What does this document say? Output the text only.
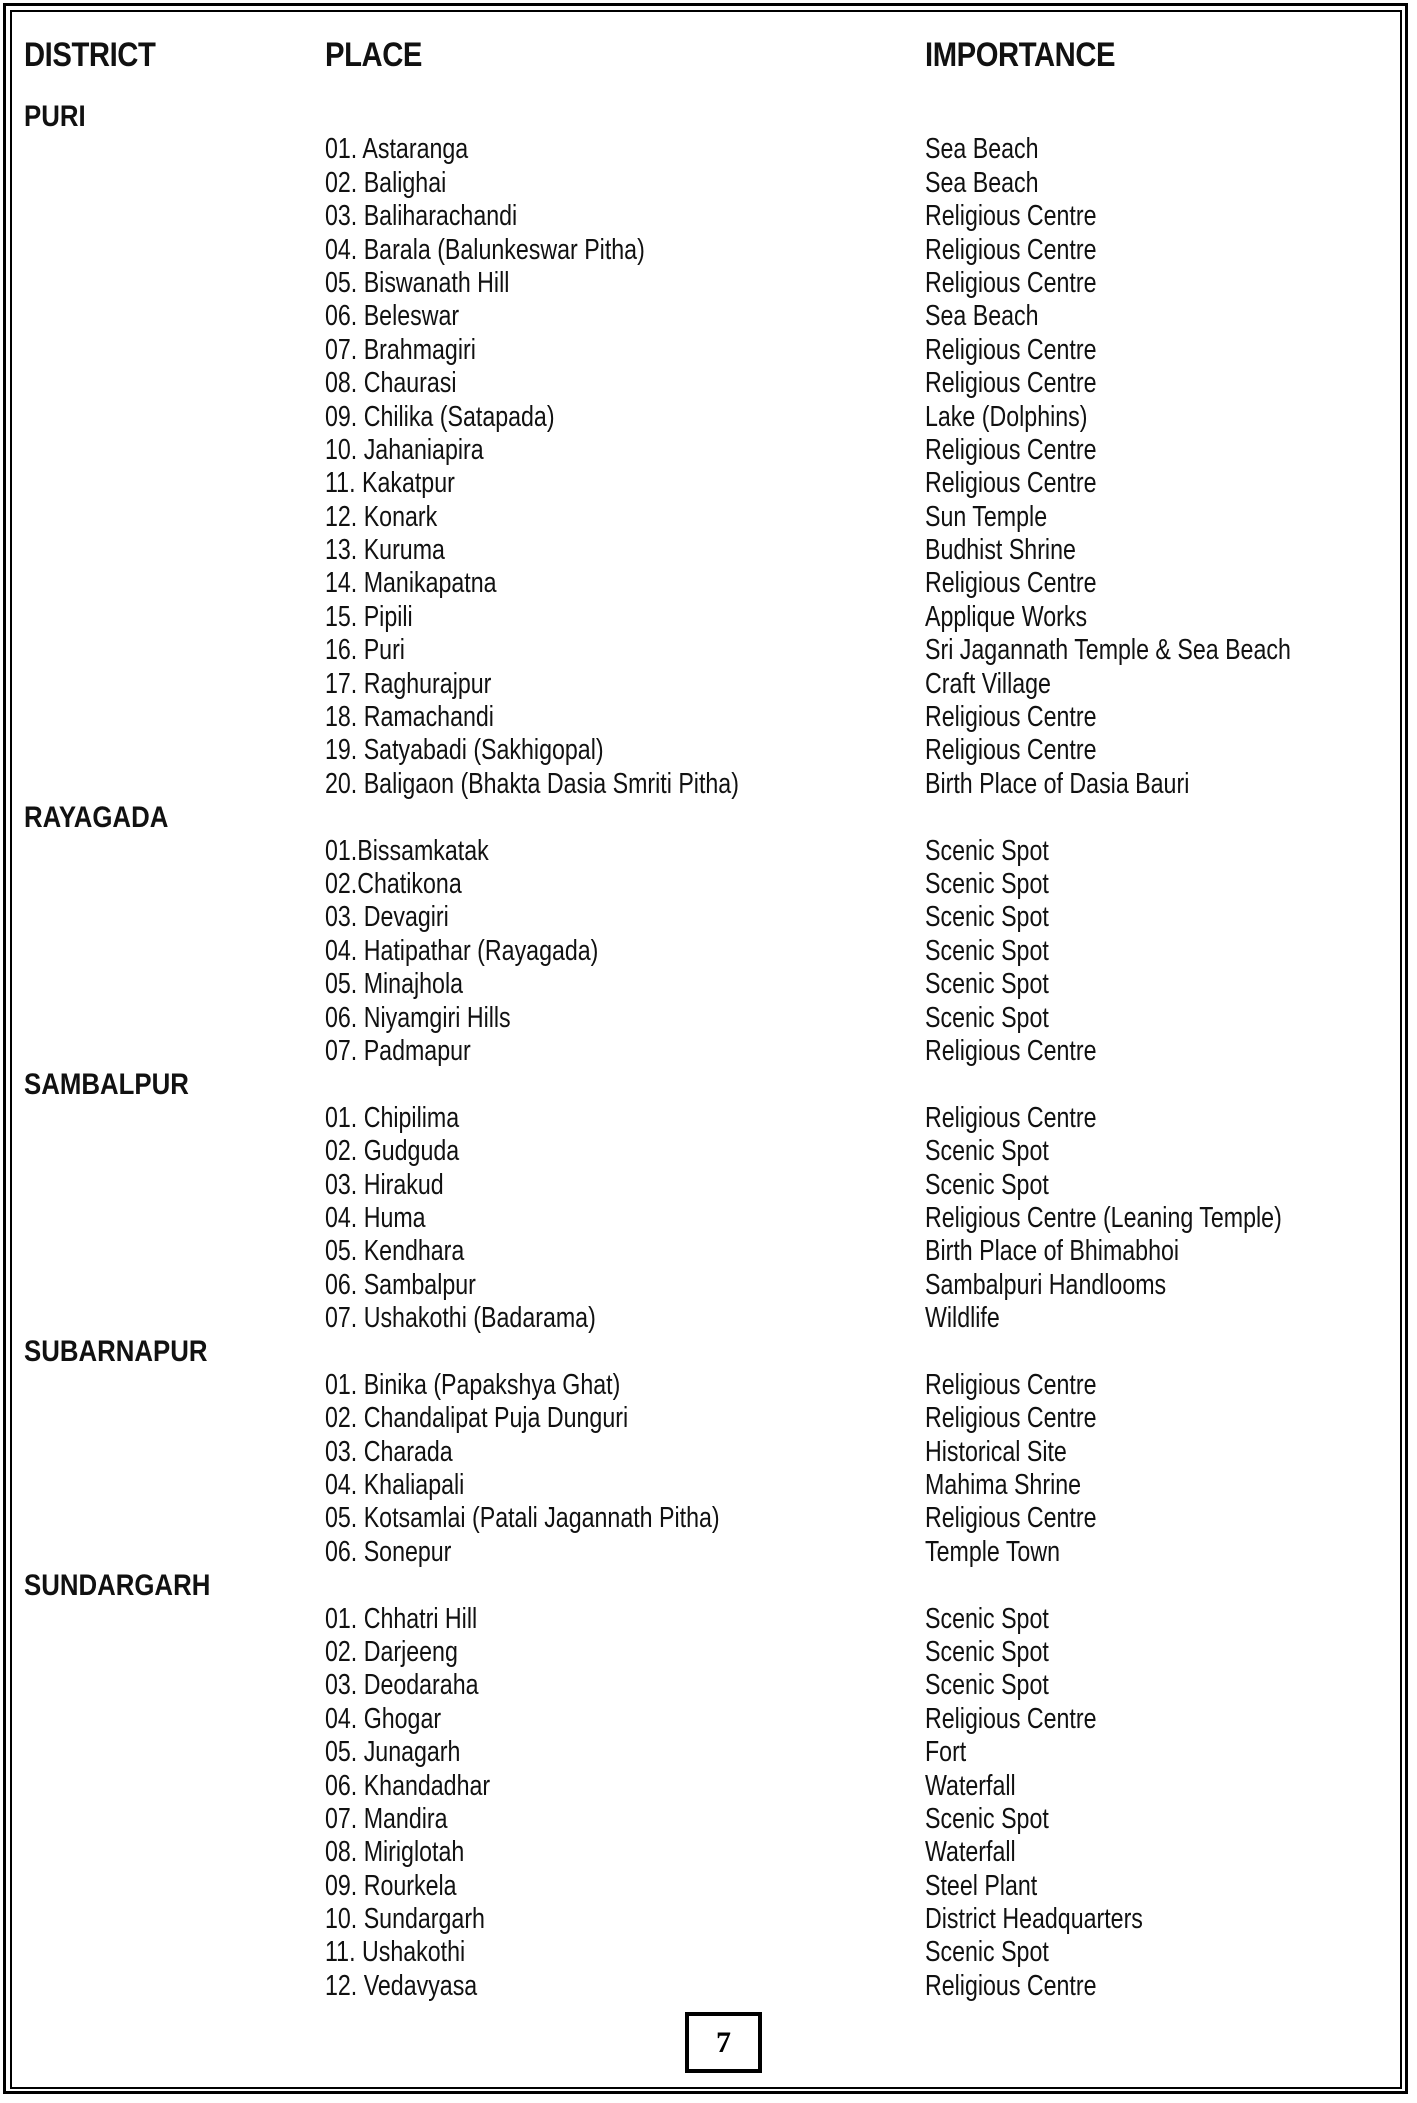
DISTRICT	PLACE	IMPORTANCE
PURI
01. Astaranga	Sea Beach
02. Balighai	Sea Beach
03. Baliharachandi	Religious Centre
04. Barala (Balunkeswar Pitha)	Religious Centre
05. Biswanath Hill	Religious Centre
06. Beleswar	Sea Beach
07. Brahmagiri	Religious Centre
08. Chaurasi	Religious Centre
09. Chilika (Satapada)	Lake (Dolphins)
10. Jahaniapira	Religious Centre
11. Kakatpur	Religious Centre
12. Konark	Sun Temple
13. Kuruma	Budhist Shrine
14. Manikapatna	Religious Centre
15. Pipili	Applique Works
16. Puri	Sri Jagannath Temple & Sea Beach
17. Raghurajpur	Craft Village
18. Ramachandi	Religious Centre
19. Satyabadi (Sakhigopal)	Religious Centre
20. Baligaon (Bhakta Dasia Smriti Pitha)	Birth Place of Dasia Bauri
RAYAGADA
01.Bissamkatak	Scenic Spot
02.Chatikona	Scenic Spot
03. Devagiri	Scenic Spot
04. Hatipathar (Rayagada)	Scenic Spot
05. Minajhola	Scenic Spot
06. Niyamgiri Hills	Scenic Spot
07. Padmapur	Religious Centre
SAMBALPUR
01. Chipilima	Religious Centre
02. Gudguda	Scenic Spot
03. Hirakud	Scenic Spot
04. Huma	Religious Centre (Leaning Temple)
05. Kendhara	Birth Place of Bhimabhoi
06. Sambalpur	Sambalpuri Handlooms
07. Ushakothi (Badarama)	Wildlife
SUBARNAPUR
01. Binika (Papakshya Ghat)	Religious Centre
02. Chandalipat Puja Dunguri	Religious Centre
03. Charada	Historical Site
04. Khaliapali	Mahima Shrine
05. Kotsamlai (Patali Jagannath Pitha)	Religious Centre
06. Sonepur	Temple Town
SUNDARGARH
01. Chhatri Hill	Scenic Spot
02. Darjeeng	Scenic Spot
03. Deodaraha	Scenic Spot
04. Ghogar	Religious Centre
05. Junagarh	Fort
06. Khandadhar	Waterfall
07. Mandira	Scenic Spot
08. Miriglotah	Waterfall
09. Rourkela	Steel Plant
10. Sundargarh	District Headquarters
11. Ushakothi	Scenic Spot
12. Vedavyasa	Religious Centre
7
